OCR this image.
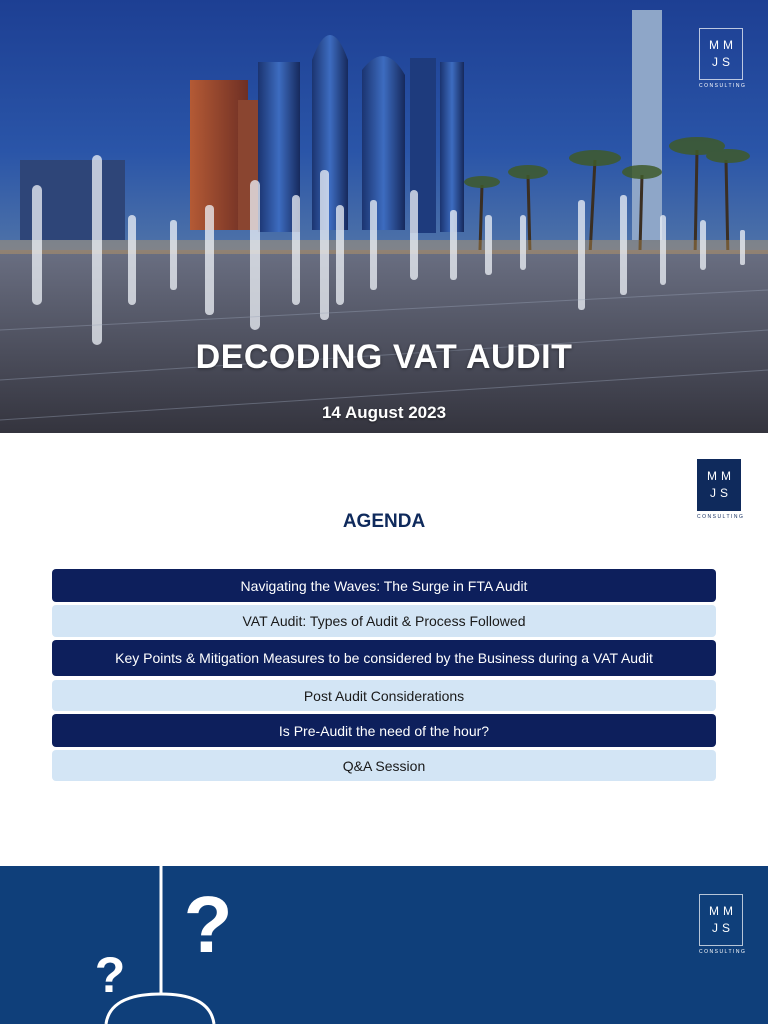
DECODING VAT AUDIT
14 August 2023
MM
JS
CONSULTING
MM
JS
CONSULTING
AGENDA
Navigating the Waves: The Surge in FTA Audit
VAT Audit: Types of Audit & Process Followed
Key Points & Mitigation Measures to be considered by the Business during a VAT Audit
Post Audit Considerations
Is Pre-Audit the need of the hour?
Q&A Session
?
?
MM
JS
CONSULTING
